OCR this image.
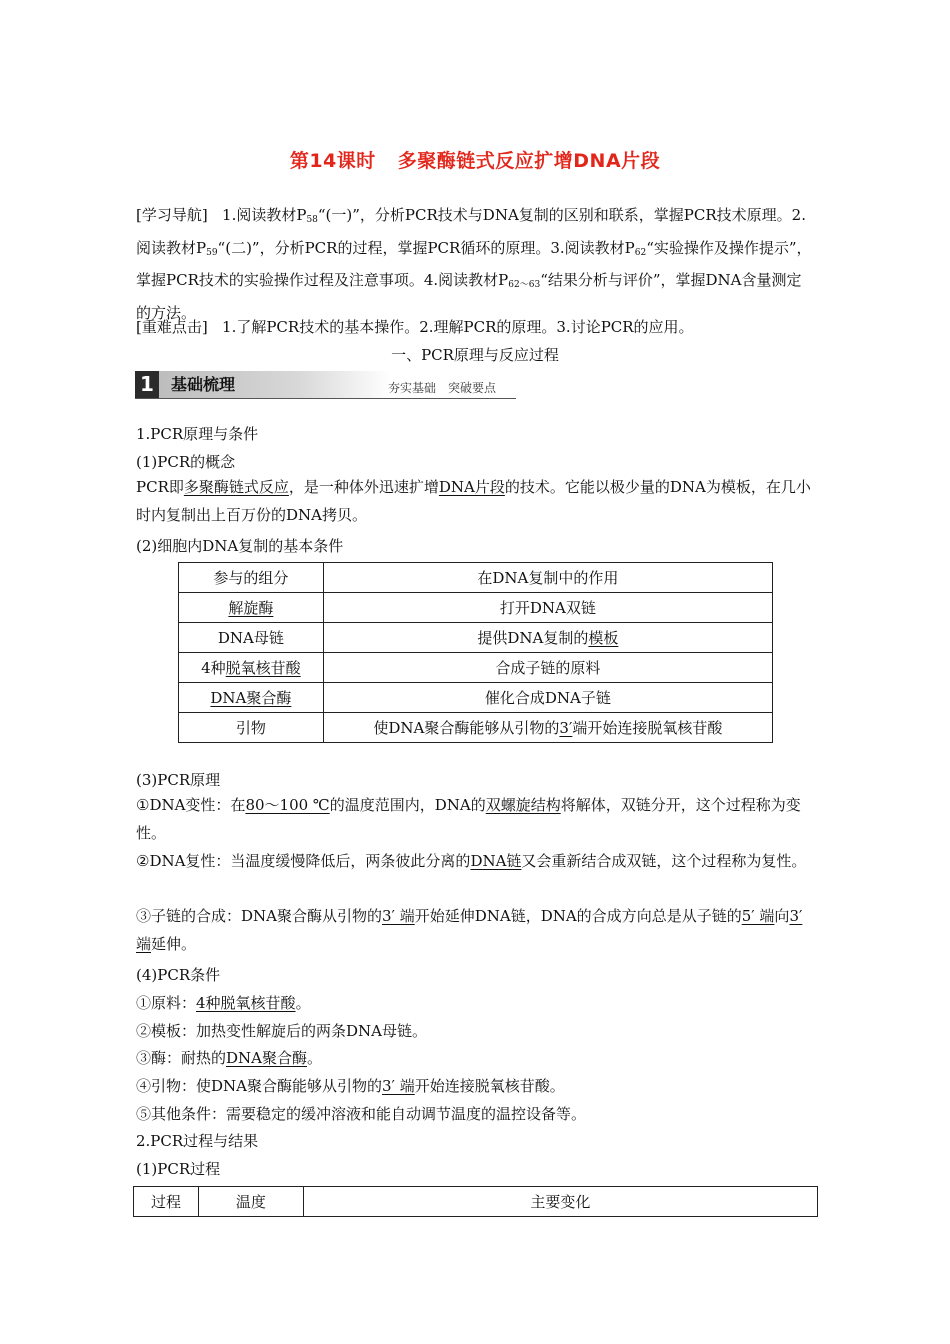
第14课时 多聚酶链式反应扩增DNA片段
[学习导航] 1.阅读教材$P_{58}“$(一)”，分析PCR技术与DNA复制的区别和联系，掌握PCR技术原理。2.阅读教材$P_{59}“$(二)”，分析PCR的过程，掌握PCR循环的原理。3.阅读教材$P_{62}“$实验操作及操作提示”，掌握PCR技术的实验操作过程及注意事项。4.阅读教材$P_{62\sim 63}“$结果分析与评价”，掌握DNA含量测定的方法。
[重难点击] 1.了解PCR技术的基本操作。2.理解PCR的原理。3.讨论PCR的应用。
一、PCR原理与反应过程
1	基础梳理	夯实基础　突破要点
1.PCR原理与条件
(1)PCR的概念
PCR即多聚酶链式反应，是一种体外迅速扩增DNA片段的技术。它能以极少量的DNA为模板，在几小时内复制出上百万份的DNA拷贝。
(2)细胞内DNA复制的基本条件
参与的组分	在DNA复制中的作用
解旋酶	打开DNA双链
DNA母链	提供DNA复制的模板
4种脱氧核苷酸	合成子链的原料
DNA聚合酶	催化合成DNA子链
引物	使DNA聚合酶能够从引物的3′端开始连接脱氧核苷酸
(3)PCR原理
①DNA变性：在80～100 ℃的温度范围内，DNA的双螺旋结构将解体，双链分开，这个过程称为变性。
②DNA复性：当温度缓慢降低后，两条彼此分离的DNA链又会重新结合成双链，这个过程称为复性。
③子链的合成：DNA聚合酶从引物的3′ 端开始延伸DNA链，DNA的合成方向总是从子链的5′ 端向3′ 端延伸。
(4)PCR条件
①原料：4种脱氧核苷酸。
②模板：加热变性解旋后的两条DNA母链。
③酶：耐热的DNA聚合酶。
④引物：使DNA聚合酶能够从引物的3′ 端开始连接脱氧核苷酸。
⑤其他条件：需要稳定的缓冲溶液和能自动调节温度的温控设备等。
2.PCR过程与结果
(1)PCR过程
过程	温度	主要变化
